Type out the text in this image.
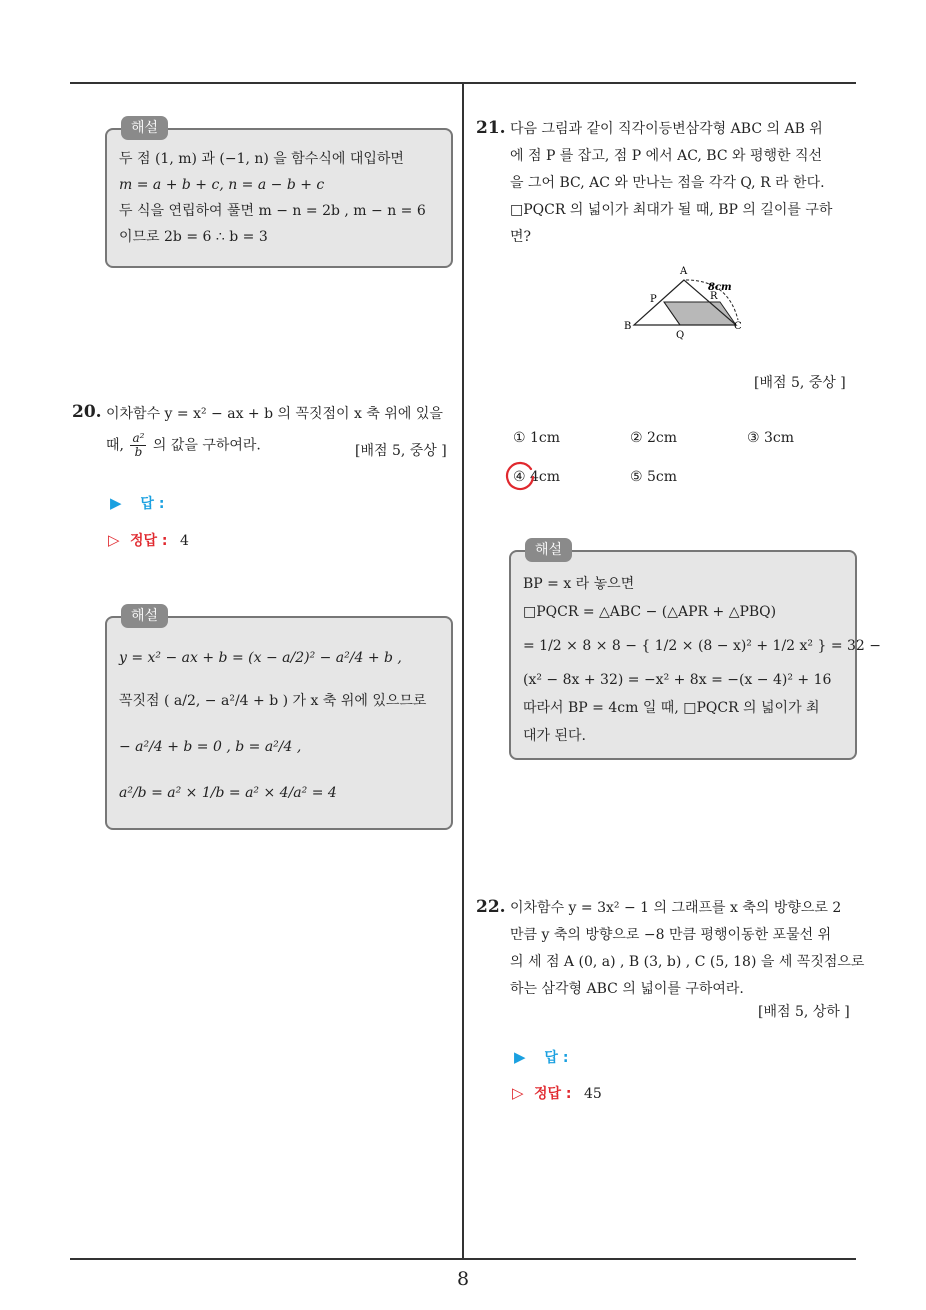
8
해설
두 점 (1, m) 과 (−1, n) 을 함수식에 대입하면
m = a + b + c, n = a − b + c
두 식을 연립하여 풀면 m − n = 2b , m − n = 6
이므로 2b = 6 ∴ b = 3
20. 이차함수 y = x² − ax + b 의 꼭짓점이 x 축 위에 있을
때, $\frac{\text{a²}}{b}$ 의 값을 구하여라.	[배점 5, 중상 ]
▶ 답 :
▷ 정답 : 4
해설
y = x² − ax + b = (x − a/2)² − a²/4 + b ,
꼭짓점 ( a/2, − a²/4 + b ) 가 x 축 위에 있으므로
− a²/4 + b = 0 , b = a²/4 ,
a²/b = a² × 1/b = a² × 4/a² = 4
21. 다음 그림과 같이 직각이등변삼각형 ABC 의 AB 위
에 점 P 를 잡고, 점 P 에서 AC, BC 와 평행한 직선
을 그어 BC, AC 와 만나는 점을 각각 Q, R 라 한다.
□PQCR 의 넓이가 최대가 될 때, BP 의 길이를 구하
면?
A
P	R
B
Q
C
8cm
[배점 5, 중상 ]
① 1cm	② 2cm	③ 3cm
④ 4cm	⑤ 5cm
해설
BP = x 라 놓으면
□PQCR = △ABC − (△APR + △PBQ)
= 1/2 × 8 × 8 − { 1/2 × (8 − x)² + 1/2 x² } = 32 −
(x² − 8x + 32) = −x² + 8x = −(x − 4)² + 16
따라서 BP = 4cm 일 때, □PQCR 의 넓이가 최
대가 된다.
22. 이차함수 y = 3x² − 1 의 그래프를 x 축의 방향으로 2
만큼 y 축의 방향으로 −8 만큼 평행이동한 포물선 위
의 세 점 A (0, a) , B (3, b) , C (5, 18) 을 세 꼭짓점으로
하는 삼각형 ABC 의 넓이를 구하여라.
[배점 5, 상하 ]
▶ 답 :
▷ 정답 : 45
